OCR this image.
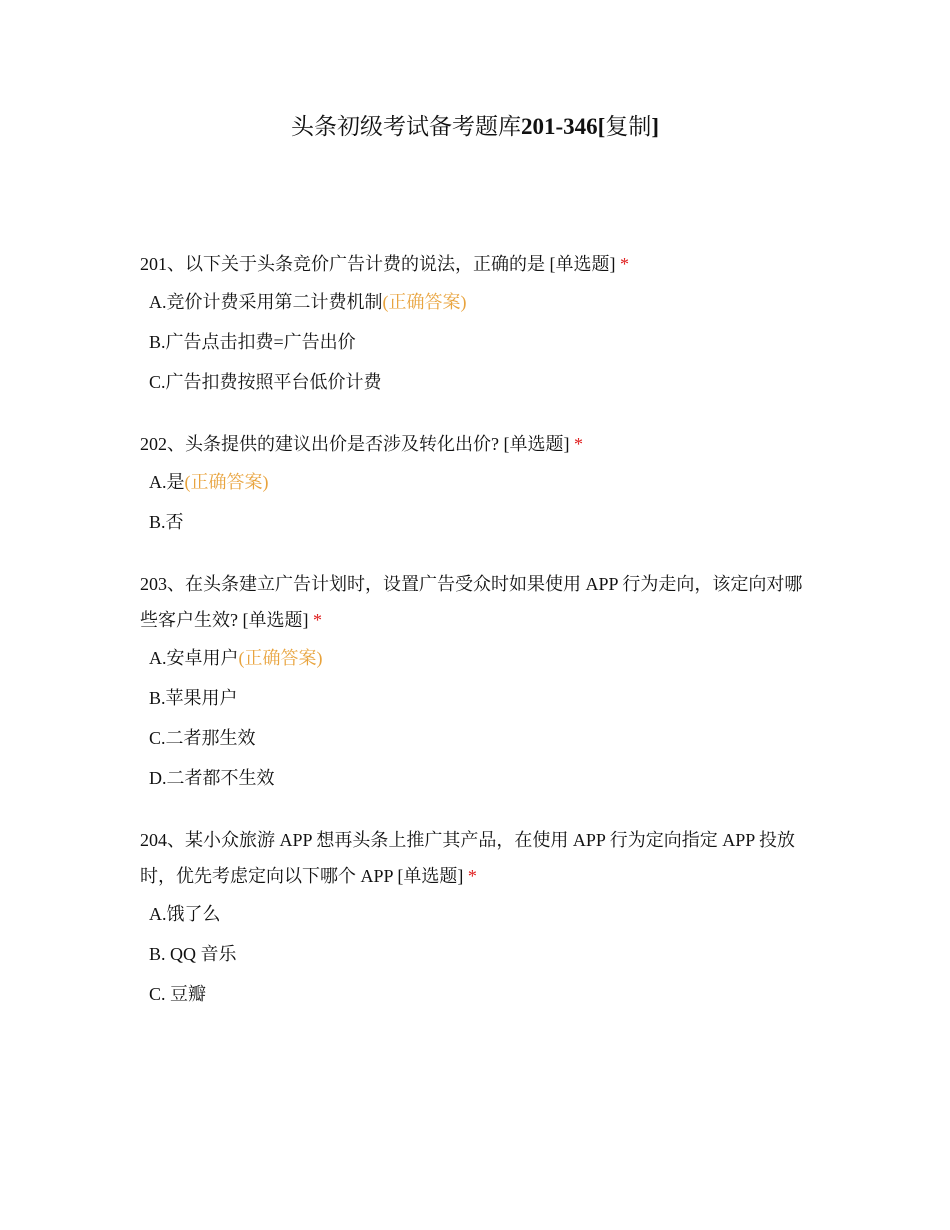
头条初级考试备考题库201-346[复制]
201、以下关于头条竞价广告计费的说法，正确的是 [单选题] *
A.竞价计费采用第二计费机制(正确答案)
B.广告点击扣费=广告出价
C.广告扣费按照平台低价计费
202、头条提供的建议出价是否涉及转化出价? [单选题] *
A.是(正确答案)
B.否
203、在头条建立广告计划时，设置广告受众时如果使用 APP 行为走向，该定向对哪些客户生效? [单选题] *
A.安卓用户(正确答案)
B.苹果用户
C.二者那生效
D.二者都不生效
204、某小众旅游 APP 想再头条上推广其产品，在使用 APP 行为定向指定 APP 投放时，优先考虑定向以下哪个 APP [单选题] *
A.饿了么
B. QQ 音乐
C. 豆瓣
